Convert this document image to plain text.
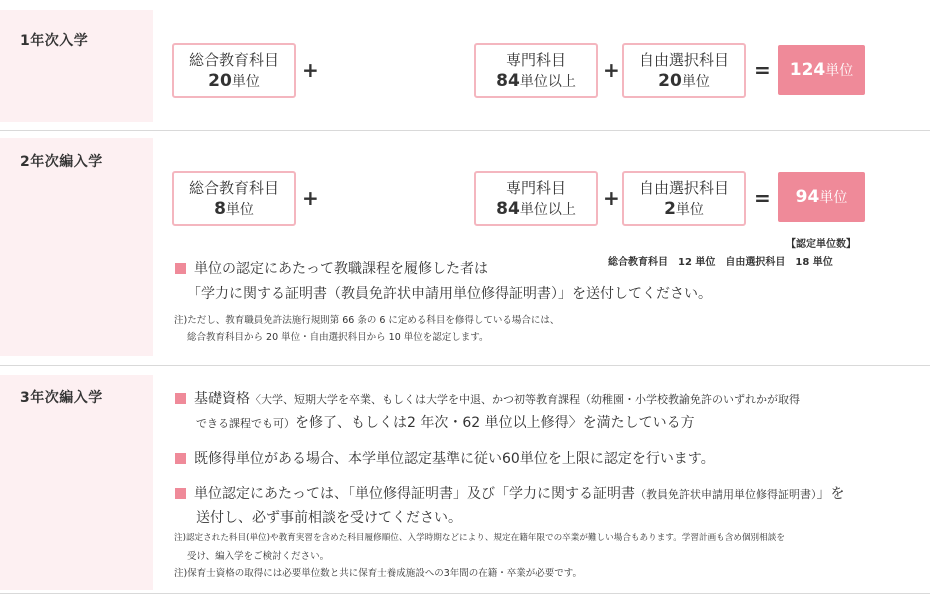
1年次入学
総合教育科目
20単位	+	専門科目
84単位以上	+	自由選択科目
20単位	=	124単位
2年次編入学
総合教育科目
8単位	+	専門科目
84単位以上	+	自由選択科目
2単位	=	94単位
【認定単位数】
総合教育科目　12 単位　自由選択科目　18 単位
単位の認定にあたって教職課程を履修した者は
「学力に関する証明書（教員免許状申請用単位修得証明書）」を送付してください。
注)ただし、教育職員免許法施行規則第 66 条の 6 に定める科目を修得している場合には、
総合教育科目から 20 単位・自由選択科目から 10 単位を認定します。
3年次編入学	基礎資格〈大学、短期大学を卒業、もしくは大学を中退、かつ初等教育課程（幼稚園・小学校教諭免許のいずれかが取得
できる課程でも可）を修了、もしくは2 年次・62 単位以上修得〉を満たしている方
既修得単位がある場合、本学単位認定基準に従い60単位を上限に認定を行います。
単位認定にあたっては、「単位修得証明書」及び「学力に関する証明書（教員免許状申請用単位修得証明書）」を
送付し、必ず事前相談を受けてください。
注)認定された科目(単位)や教育実習を含めた科目履修順位、入学時期などにより、規定在籍年限での卒業が難しい場合もあります。学習計画も含め個別相談を
受け、編入学をご検討ください。
注)保育士資格の取得には必要単位数と共に保育士養成施設への3年間の在籍・卒業が必要です。
